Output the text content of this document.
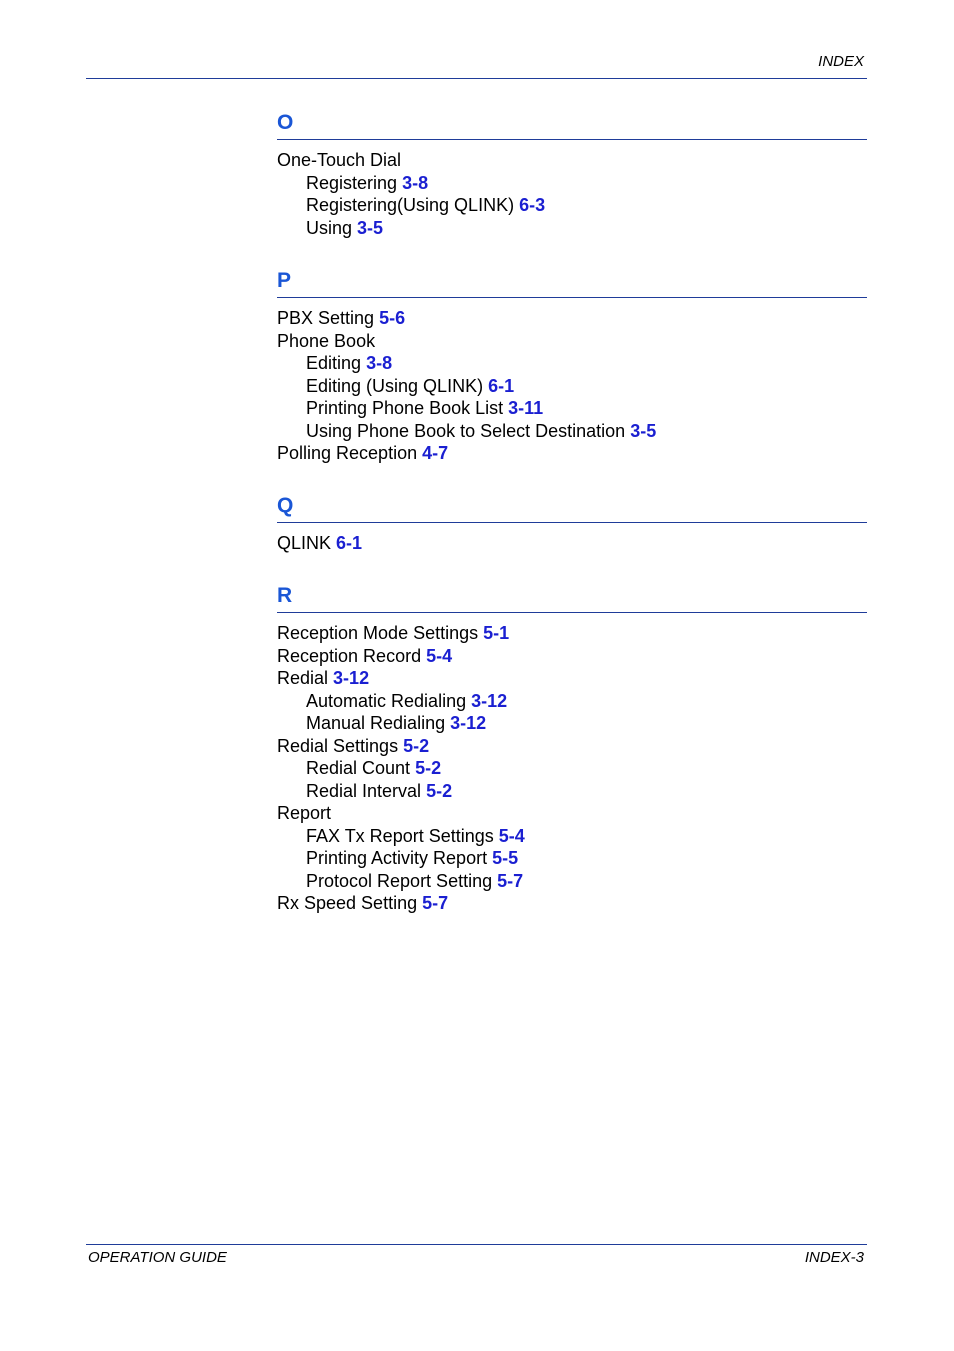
INDEX
O
One-Touch Dial
Registering 3-8
Registering(Using QLINK) 6-3
Using 3-5
P
PBX Setting 5-6
Phone Book
Editing 3-8
Editing (Using QLINK) 6-1
Printing Phone Book List 3-11
Using Phone Book to Select Destination 3-5
Polling Reception 4-7
Q
QLINK 6-1
R
Reception Mode Settings 5-1
Reception Record 5-4
Redial 3-12
Automatic Redialing 3-12
Manual Redialing 3-12
Redial Settings 5-2
Redial Count 5-2
Redial Interval 5-2
Report
FAX Tx Report Settings 5-4
Printing Activity Report 5-5
Protocol Report Setting 5-7
Rx Speed Setting 5-7
OPERATION GUIDE	INDEX-3
